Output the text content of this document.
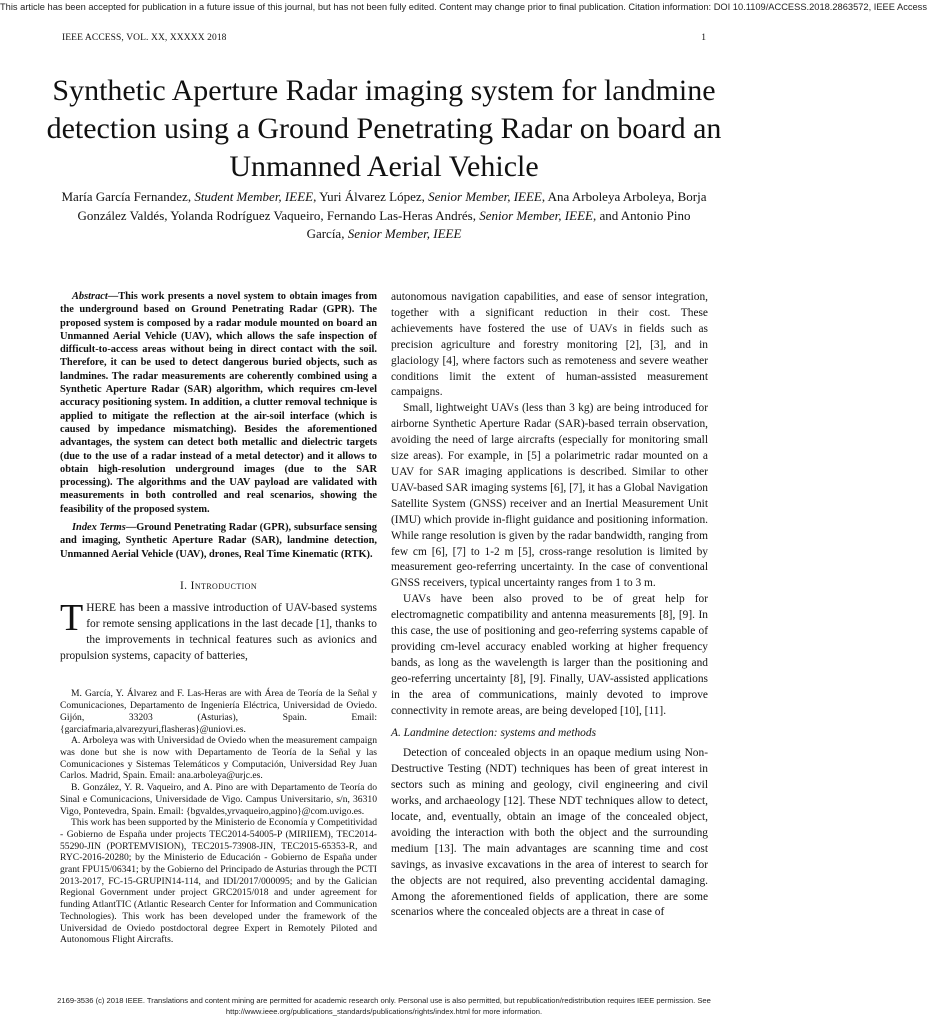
This article has been accepted for publication in a future issue of this journal, but has not been fully edited. Content may change prior to final publication. Citation information: DOI 10.1109/ACCESS.2018.2863572, IEEE Access
IEEE ACCESS, VOL. XX, XXXXX 2018	1
Synthetic Aperture Radar imaging system for landmine detection using a Ground Penetrating Radar on board an Unmanned Aerial Vehicle
María García Fernandez, Student Member, IEEE, Yuri Álvarez López, Senior Member, IEEE, Ana Arboleya Arboleya, Borja González Valdés, Yolanda Rodríguez Vaqueiro, Fernando Las-Heras Andrés, Senior Member, IEEE, and Antonio Pino García, Senior Member, IEEE

Abstract—This work presents a novel system to obtain images from the underground based on Ground Penetrating Radar (GPR). The proposed system is composed by a radar module mounted on board an Unmanned Aerial Vehicle (UAV), which allows the safe inspection of difficult-to-access areas without being in direct contact with the soil. Therefore, it can be used to detect dangerous buried objects, such as landmines. The radar measurements are coherently combined using a Synthetic Aperture Radar (SAR) algorithm, which requires cm-level accuracy positioning system. In addition, a clutter removal technique is applied to mitigate the reflection at the air-soil interface (which is caused by impedance mismatching). Besides the aforementioned advantages, the system can detect both metallic and dielectric targets (due to the use of a radar instead of a metal detector) and it allows to obtain high-resolution underground images (due to the SAR processing). The algorithms and the UAV payload are validated with measurements in both controlled and real scenarios, showing the feasibility of the proposed system.

Index Terms—Ground Penetrating Radar (GPR), subsurface sensing and imaging, Synthetic Aperture Radar (SAR), landmine detection, Unmanned Aerial Vehicle (UAV), drones, Real Time Kinematic (RTK).

I. Introduction
T HERE has been a massive introduction of UAV-based systems for remote sensing applications in the last decade [1], thanks to the improvements in technical features such as avionics and propulsion systems, capacity of batteries,

M. García, Y. Álvarez and F. Las-Heras are with Área de Teoría de la Señal y Comunicaciones, Departamento de Ingeniería Eléctrica, Universidad de Oviedo. Gijón, 33203 (Asturias), Spain. Email: {garciafmaria,alvarezyuri,flasheras}@uniovi.es.

A. Arboleya was with Universidad de Oviedo when the measurement campaign was done but she is now with Departamento de Teoría de la Señal y las Comunicaciones y Sistemas Telemáticos y Computación, Universidad Rey Juan Carlos. Madrid, Spain. Email: ana.arboleya@urjc.es.

B. González, Y. R. Vaqueiro, and A. Pino are with Departamento de Teoría do Sinal e Comunicacions, Universidade de Vigo. Campus Universitario, s/n, 36310 Vigo, Pontevedra, Spain. Email: {bgvaldes,yrvaqueiro,agpino}@com.uvigo.es.

This work has been supported by the Ministerio de Economía y Competitividad - Gobierno de España under projects TEC2014-54005-P (MIRIIEM), TEC2014-55290-JIN (PORTEMVISION), TEC2015-73908-JIN, TEC2015-65353-R, and RYC-2016-20280; by the Ministerio de Educación - Gobierno de España under grant FPU15/06341; by the Gobierno del Principado de Asturias through the PCTI 2013-2017, FC-15-GRUPIN14-114, and IDI/2017/000095; and by the Galician Regional Government under project GRC2015/018 and under agreement for funding AtlantTIC (Atlantic Research Center for Information and Communication Technologies). This work has been developed under the framework of the Universidad de Oviedo postdoctoral degree Expert in Remotely Piloted and Autonomous Flight Aircrafts.

autonomous navigation capabilities, and ease of sensor integration, together with a significant reduction in their cost. These achievements have fostered the use of UAVs in fields such as precision agriculture and forestry monitoring [2], [3], and in glaciology [4], where factors such as remoteness and severe weather conditions limit the extent of human-assisted measurement campaigns.

Small, lightweight UAVs (less than 3 kg) are being introduced for airborne Synthetic Aperture Radar (SAR)-based terrain observation, avoiding the need of large aircrafts (especially for monitoring small size areas). For example, in [5] a polarimetric radar mounted on a UAV for SAR imaging applications is described. Similar to other UAV-based SAR imaging systems [6], [7], it has a Global Navigation Satellite System (GNSS) receiver and an Inertial Measurement Unit (IMU) which provide in-flight guidance and positioning information. While range resolution is given by the radar bandwidth, ranging from few cm [6], [7] to 1-2 m [5], cross-range resolution is limited by measurement geo-referring uncertainty. In the case of conventional GNSS receivers, typical uncertainty ranges from 1 to 3 m.

UAVs have been also proved to be of great help for electromagnetic compatibility and antenna measurements [8], [9]. In this case, the use of positioning and geo-referring systems capable of providing cm-level accuracy enabled working at higher frequency bands, as long as the wavelength is larger than the positioning and geo-referring uncertainty [8], [9]. Finally, UAV-assisted applications in the area of communications, mainly devoted to improve connectivity in remote areas, are being developed [10], [11].

A. Landmine detection: systems and methods

Detection of concealed objects in an opaque medium using Non-Destructive Testing (NDT) techniques has been of great interest in sectors such as mining and geology, civil engineering and civil works, and archaeology [12]. These NDT techniques allow to detect, locate, and, eventually, obtain an image of the concealed object, avoiding the interaction with both the object and the surrounding medium [13]. The main advantages are scanning time and cost savings, as invasive excavations in the area of interest to search for the objects are not required, also preventing accidental damaging. Among the aforementioned fields of application, there are some scenarios where the concealed objects are a threat in case of

2169-3536 (c) 2018 IEEE. Translations and content mining are permitted for academic research only. Personal use is also permitted, but republication/redistribution requires IEEE permission. See
http://www.ieee.org/publications_standards/publications/rights/index.html for more information.
